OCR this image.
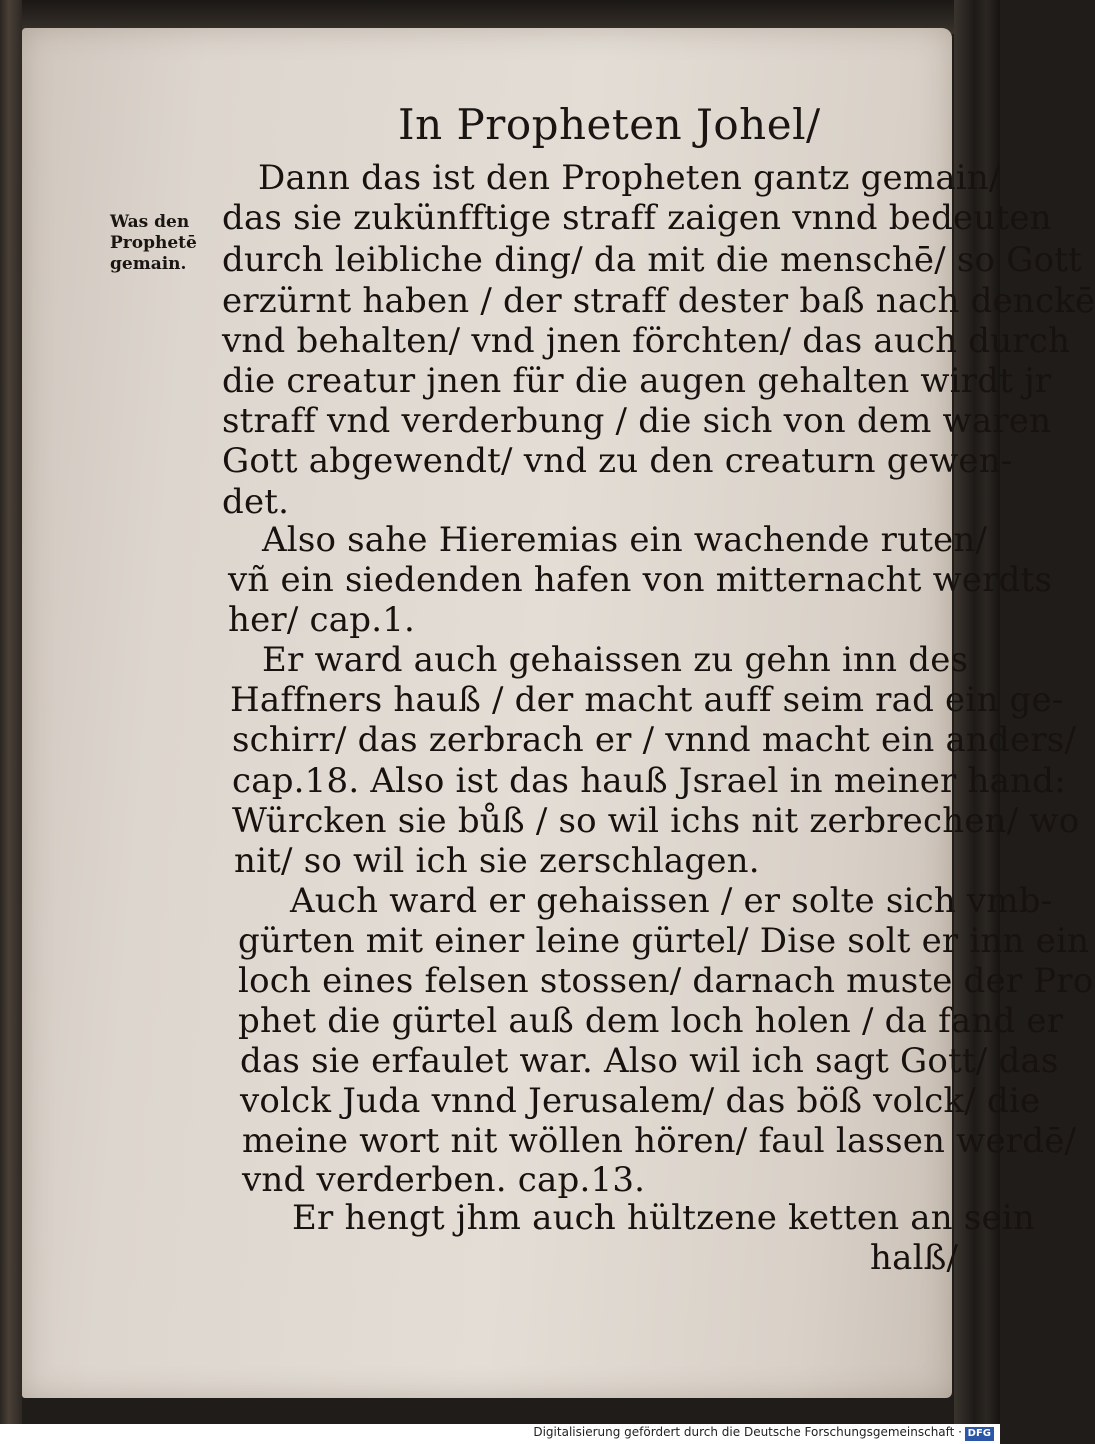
In Propheten Johel/
Was den
Prophetē
gemain.
Dann das ist den Propheten gantz gemain/
das sie zukünfftige straff zaigen vnnd bedeuten
durch leibliche ding/ da mit die menschē/ so Gott
erzürnt haben / der straff dester baß nach denckē
vnd behalten/ vnd jnen förchten/ das auch durch
die creatur jnen für die augen gehalten wirdt jr
straff vnd verderbung / die sich von dem waren
Gott abgewendt/ vnd zu den creaturn gewen-
det.
Also sahe Hieremias ein wachende ruten/
vñ ein siedenden hafen von mitternacht werdts
her/ cap.1.
Er ward auch gehaissen zu gehn inn des
Haffners hauß / der macht auff seim rad ein ge-
schirr/ das zerbrach er / vnnd macht ein anders/
cap.18. Also ist das hauß Jsrael in meiner hand:
Würcken sie bůß / so wil ichs nit zerbrechen/ wo
nit/ so wil ich sie zerschlagen.
Auch ward er gehaissen / er solte sich vmb-
gürten mit einer leine gürtel/ Dise solt er inn ein
loch eines felsen stossen/ darnach muste der Pro
phet die gürtel auß dem loch holen / da fand er
das sie erfaulet war. Also wil ich sagt Gott/ das
volck Juda vnnd Jerusalem/ das böß volck/ die
meine wort nit wöllen hören/ faul lassen werdē/
vnd verderben. cap.13.
Er hengt jhm auch hültzene ketten an sein
halß/
Digitalisierung gefördert durch die Deutsche Forschungsgemeinschaft · DFG
